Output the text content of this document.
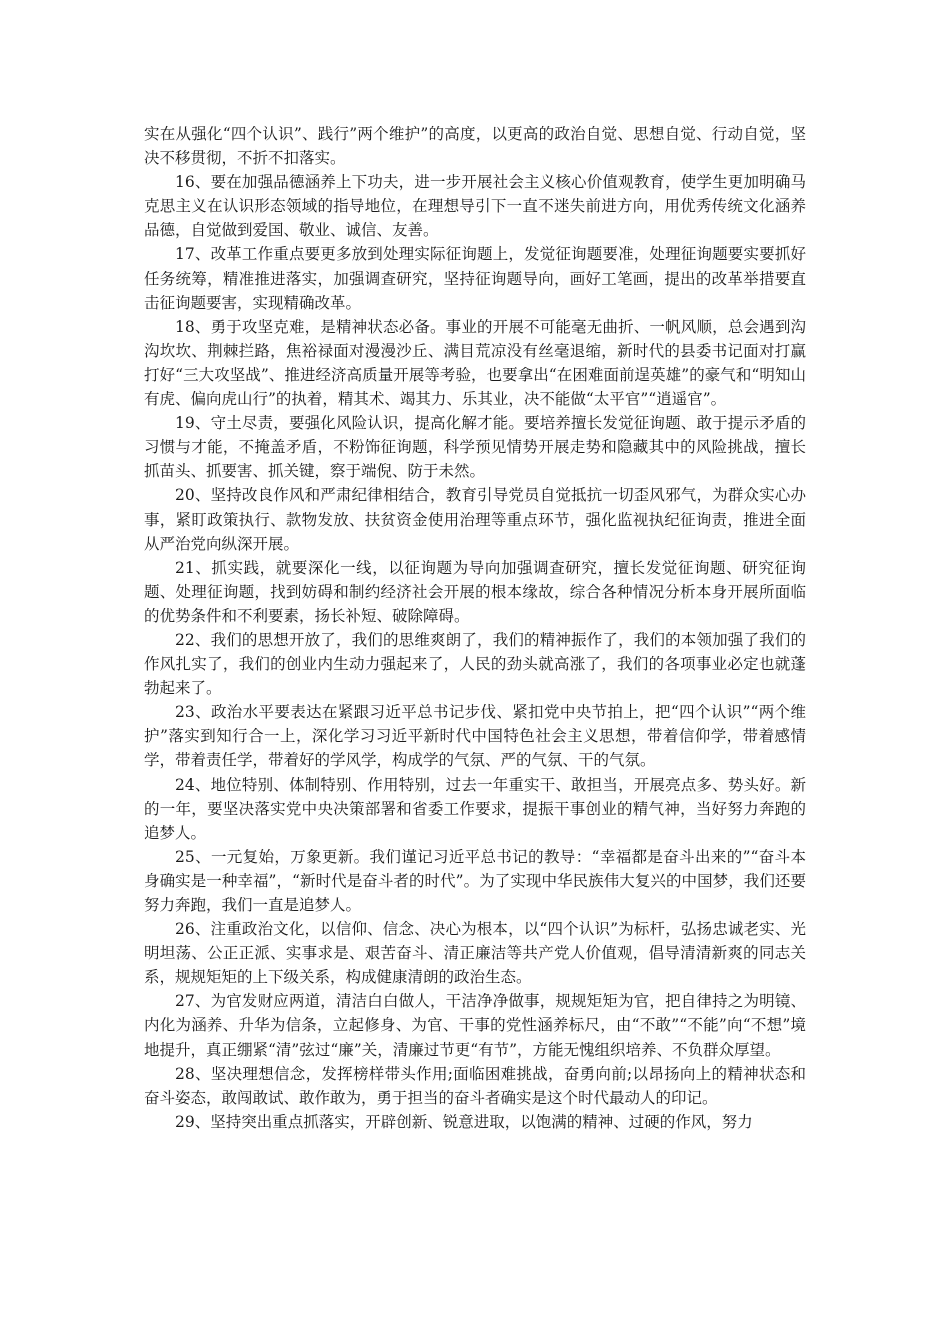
实在从强化“四个认识”、践行”两个维护”的高度，以更高的政治自觉、思想自觉、行动自觉，坚决不移贯彻，不折不扣落实。

16、要在加强品德涵养上下功夫，进一步开展社会主义核心价值观教育，使学生更加明确马克思主义在认识形态领域的指导地位，在理想导引下一直不迷失前进方向，用优秀传统文化涵养品德，自觉做到爱国、敬业、诚信、友善。

17、改革工作重点要更多放到处理实际征询题上，发觉征询题要准，处理征询题要实要抓好任务统筹，精准推进落实，加强调查研究，坚持征询题导向，画好工笔画，提出的改革举措要直击征询题要害，实现精确改革。

18、勇于攻坚克难，是精神状态必备。事业的开展不可能毫无曲折、一帆风顺，总会遇到沟沟坎坎、荆棘拦路，焦裕禄面对漫漫沙丘、满目荒凉没有丝毫退缩，新时代的县委书记面对打赢打好“三大攻坚战”、推进经济高质量开展等考验，也要拿出“在困难面前逞英雄”的豪气和“明知山有虎、偏向虎山行”的执着，精其术、竭其力、乐其业，决不能做“太平官”“逍遥官”。

19、守土尽责，要强化风险认识，提高化解才能。要培养擅长发觉征询题、敢于提示矛盾的习惯与才能，不掩盖矛盾，不粉饰征询题，科学预见情势开展走势和隐藏其中的风险挑战，擅长抓苗头、抓要害、抓关键，察于端倪、防于未然。

20、坚持改良作风和严肃纪律相结合，教育引导党员自觉抵抗一切歪风邪气，为群众实心办事，紧盯政策执行、款物发放、扶贫资金使用治理等重点环节，强化监视执纪征询责，推进全面从严治党向纵深开展。

21、抓实践，就要深化一线，以征询题为导向加强调查研究，擅长发觉征询题、研究征询题、处理征询题，找到妨碍和制约经济社会开展的根本缘故，综合各种情况分析本身开展所面临的优势条件和不利要素，扬长补短、破除障碍。

22、我们的思想开放了，我们的思维爽朗了，我们的精神振作了，我们的本领加强了我们的作风扎实了，我们的创业内生动力强起来了，人民的劲头就高涨了，我们的各项事业必定也就蓬勃起来了。

23、政治水平要表达在紧跟习近平总书记步伐、紧扣党中央节拍上，把“四个认识”“两个维护”落实到知行合一上，深化学习习近平新时代中国特色社会主义思想，带着信仰学，带着感情学，带着责任学，带着好的学风学，构成学的气氛、严的气氛、干的气氛。

24、地位特别、体制特别、作用特别，过去一年重实干、敢担当，开展亮点多、势头好。新的一年，要坚决落实党中央决策部署和省委工作要求，提振干事创业的精气神，当好努力奔跑的追梦人。

25、一元复始，万象更新。我们谨记习近平总书记的教导：“幸福都是奋斗出来的”“奋斗本身确实是一种幸福”，“新时代是奋斗者的时代”。为了实现中华民族伟大复兴的中国梦，我们还要努力奔跑，我们一直是追梦人。

26、注重政治文化，以信仰、信念、决心为根本，以“四个认识”为标杆，弘扬忠诚老实、光明坦荡、公正正派、实事求是、艰苦奋斗、清正廉洁等共产党人价值观，倡导清清新爽的同志关系，规规矩矩的上下级关系，构成健康清朗的政治生态。

27、为官发财应两道，清洁白白做人，干洁净净做事，规规矩矩为官，把自律持之为明镜、内化为涵养、升华为信条，立起修身、为官、干事的党性涵养标尺，由“不敢”“不能”向“不想”境地提升，真正绷紧“清”弦过“廉”关，清廉过节更“有节”，方能无愧组织培养、不负群众厚望。

28、坚决理想信念，发挥榜样带头作用;面临困难挑战，奋勇向前;以昂扬向上的精神状态和奋斗姿态，敢闯敢试、敢作敢为，勇于担当的奋斗者确实是这个时代最动人的印记。

29、坚持突出重点抓落实，开辟创新、锐意进取，以饱满的精神、过硬的作风，努力
